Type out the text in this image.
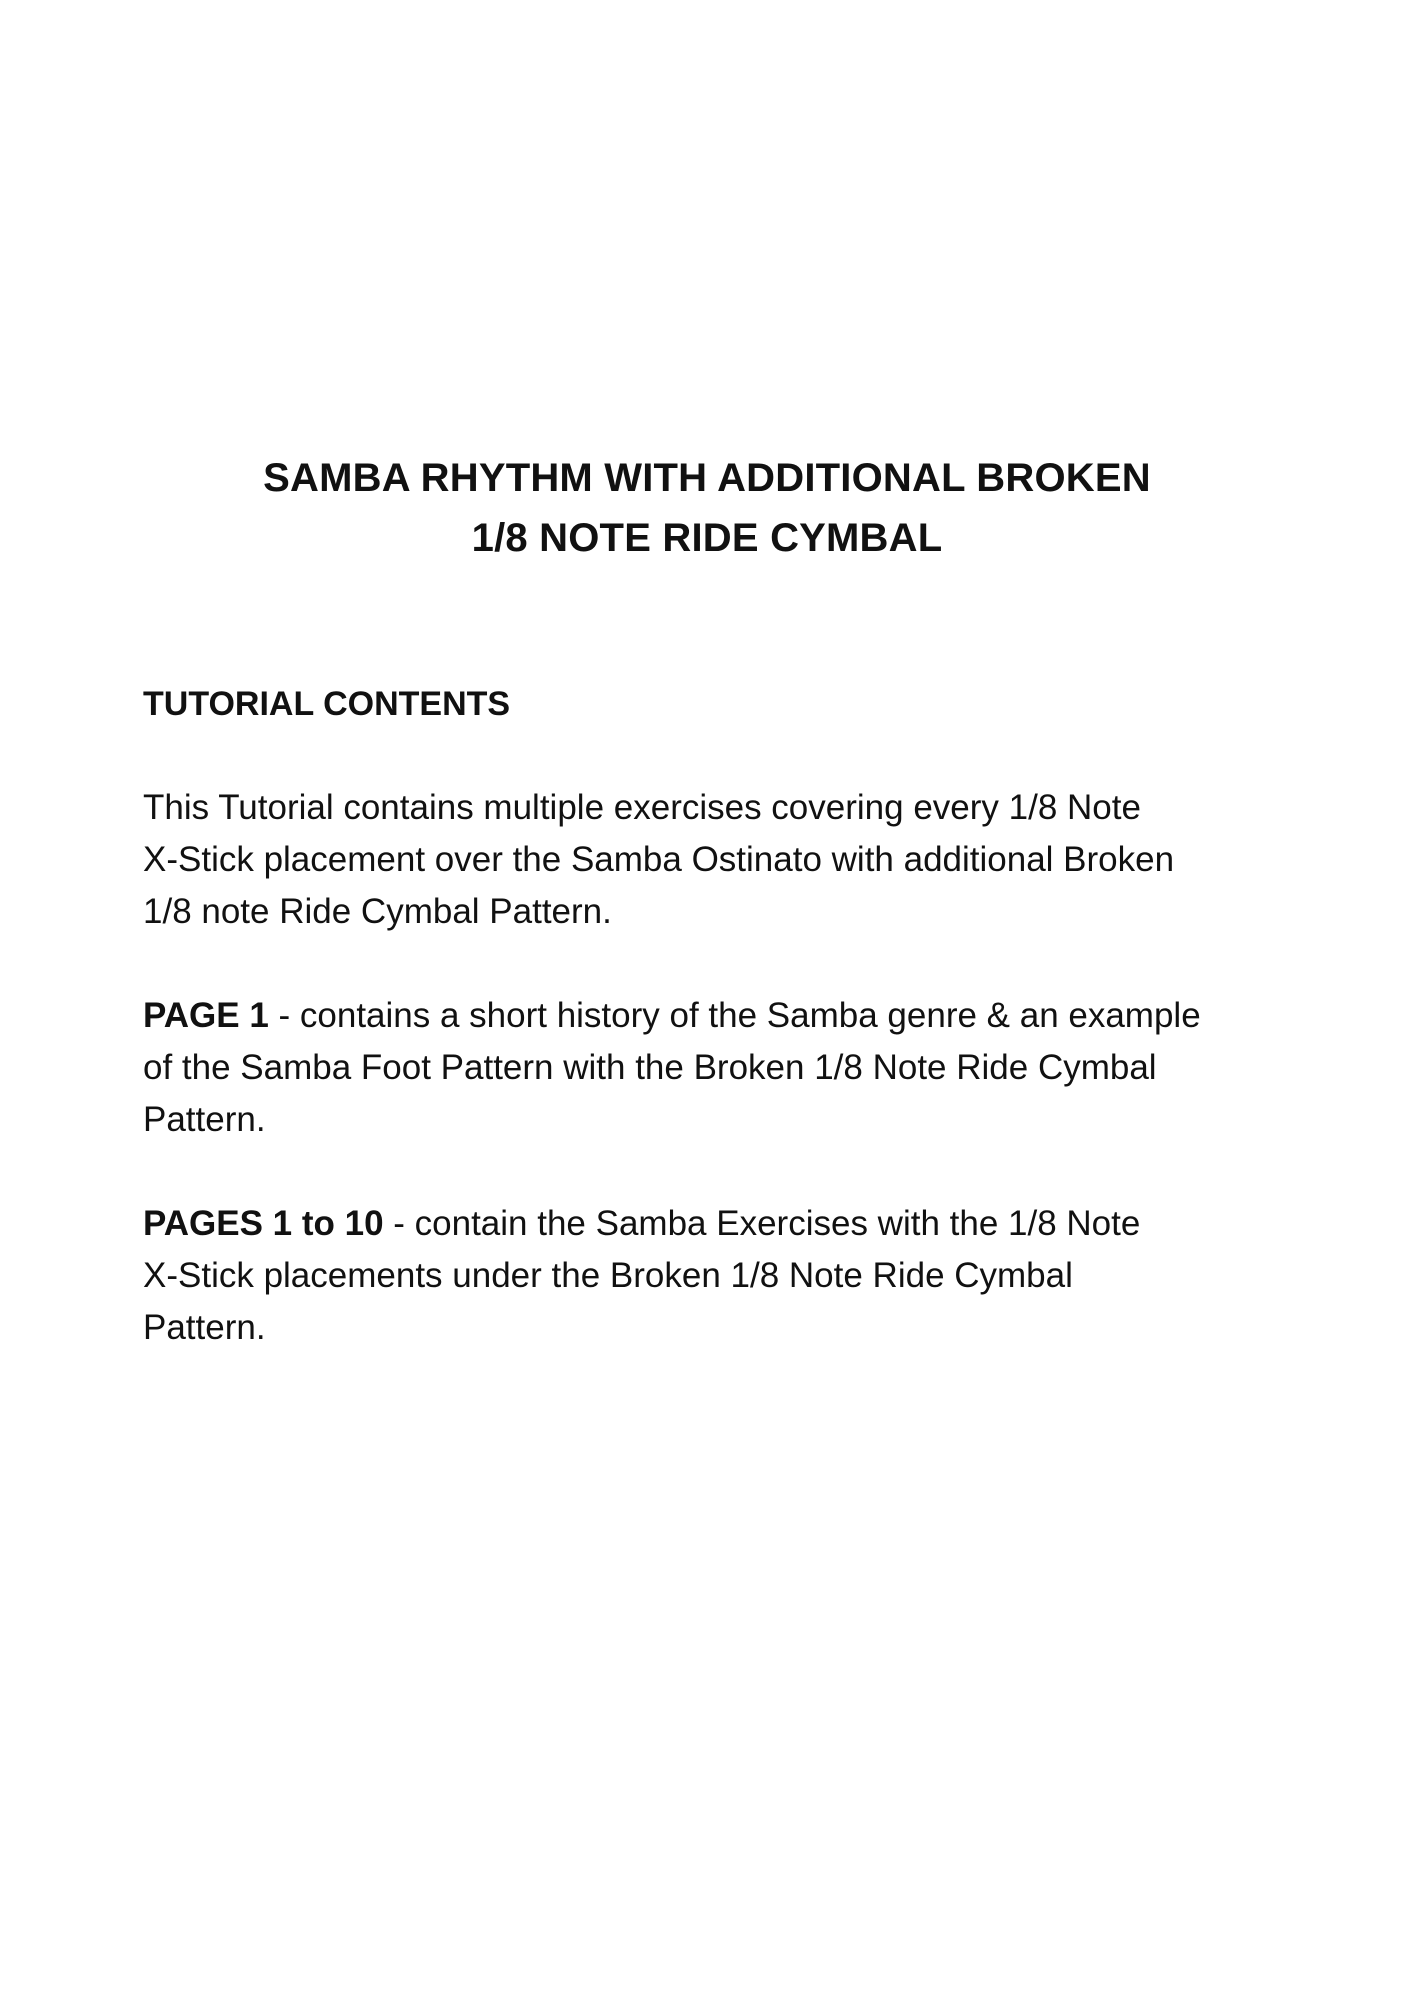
SAMBA RHYTHM WITH ADDITIONAL BROKEN
1/8 NOTE RIDE CYMBAL
TUTORIAL CONTENTS
This Tutorial contains multiple exercises covering every 1/8 Note
X-Stick placement over the Samba Ostinato with additional Broken
1/8 note Ride Cymbal Pattern.
PAGE 1 - contains a short history of the Samba genre & an example
of the Samba Foot Pattern with the Broken 1/8 Note Ride Cymbal
Pattern.
PAGES 1 to 10 - contain the Samba Exercises with the 1/8 Note
X-Stick placements under the Broken 1/8 Note Ride Cymbal
Pattern.
